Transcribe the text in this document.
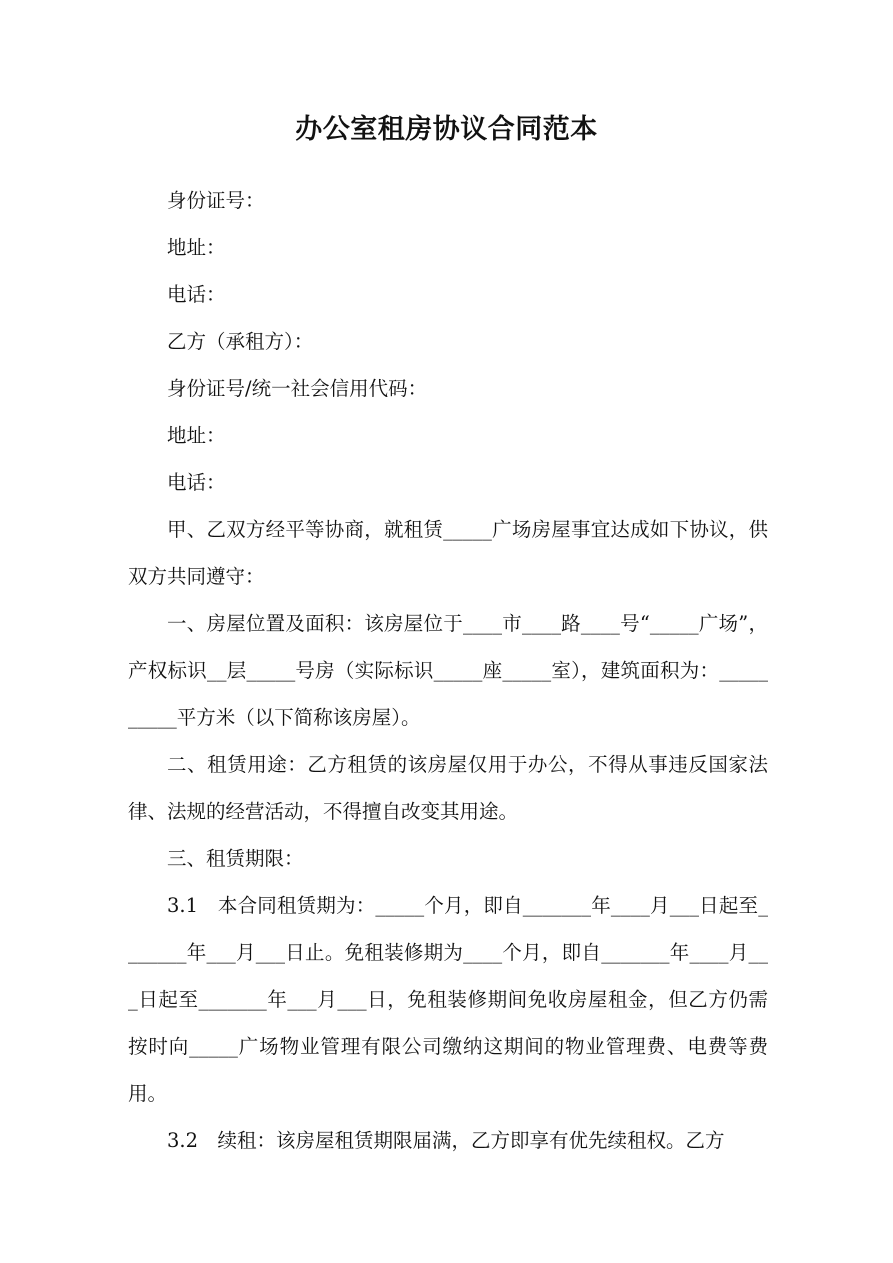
办公室租房协议合同范本

身份证号：

地址：

电话：

乙方（承租方）：

身份证号/统一社会信用代码：

地址：

电话：

甲、乙双方经平等协商，就租赁_____广场房屋事宜达成如下协议，供双方共同遵守：

一、房屋位置及面积：该房屋位于____市____路____号“_____广场”，产权标识__层_____号房（实际标识_____座_____室），建筑面积为：__________平方米（以下简称该房屋）。

二、租赁用途：乙方租赁的该房屋仅用于办公，不得从事违反国家法律、法规的经营活动，不得擅自改变其用途。

三、租赁期限：

3.1　本合同租赁期为：_____个月，即自_______年____月___日起至_______年___月___日止。免租装修期为____个月，即自_______年____月___日起至_______年___月___日，免租装修期间免收房屋租金，但乙方仍需按时向_____广场物业管理有限公司缴纳这期间的物业管理费、电费等费用。

3.2　续租：该房屋租赁期限届满，乙方即享有优先续租权。乙方
